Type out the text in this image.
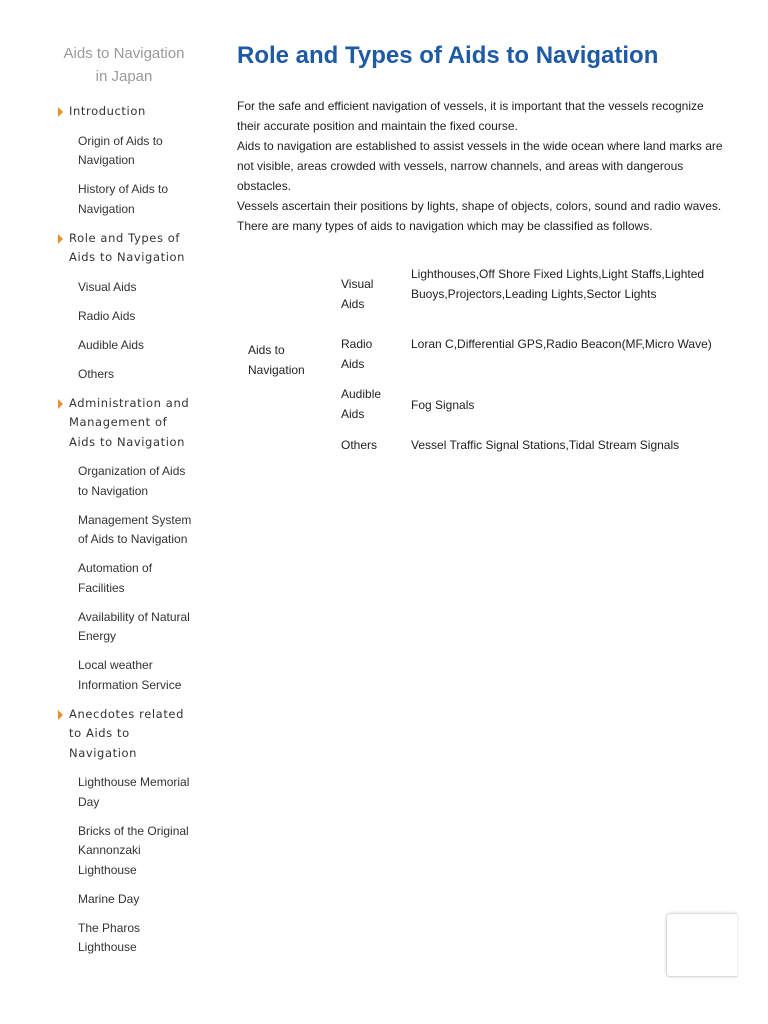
Aids to Navigation
in Japan
Introduction
Origin of Aids to Navigation
History of Aids to Navigation
Role and Types of Aids to Navigation
Visual Aids
Radio Aids
Audible Aids
Others
Administration and Management of Aids to Navigation
Organization of Aids to Navigation
Management System of Aids to Navigation
Automation of Facilities
Availability of Natural Energy
Local weather Information Service
Anecdotes related to Aids to Navigation
Lighthouse Memorial Day
Bricks of the Original Kannonzaki Lighthouse
Marine Day
The Pharos Lighthouse
Role and Types of Aids to Navigation

For the safe and efficient navigation of vessels, it is important that the vessels recognize their accurate position and maintain the fixed course.

Aids to navigation are established to assist vessels in the wide ocean where land marks are not visible, areas crowded with vessels, narrow channels, and areas with dangerous obstacles.

Vessels ascertain their positions by lights, shape of objects, colors, sound and radio waves.

There are many types of aids to navigation which may be classified as follows.

Aids to Navigation
Visual Aids
Lighthouses,Off Shore Fixed Lights,Light Staffs,Lighted Buoys,Projectors,Leading Lights,Sector Lights
Radio Aids
Loran C,Differential GPS,Radio Beacon(MF,Micro Wave)
Audible Aids
Fog Signals
Others	Vessel Traffic Signal Stations,Tidal Stream Signals
